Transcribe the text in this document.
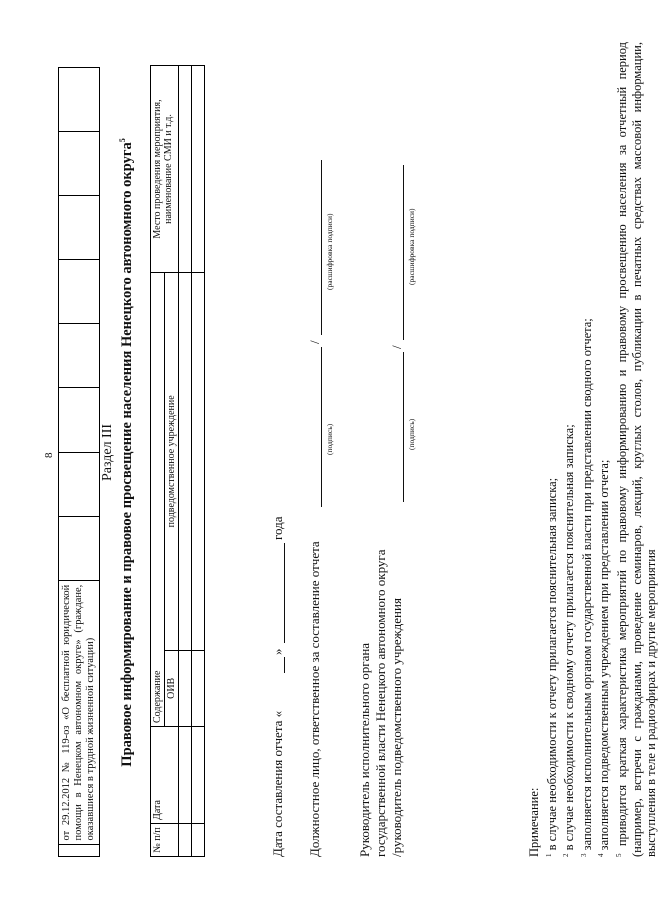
8
	от 29.12.2012 № 119-оз «О бесплатной юридической помощи в Ненецком автономном округе» (граждане, оказавшиеся в трудной жизненной ситуации)								
Раздел III Правовое информирование и правовое просвещение населения Ненецкого автономного округа$^5$
№ п/п	Дата	Содержание		Место проведения мероприятия, наименование СМИ и т.д.
		ОИВ	подведомственное учреждение	

Дата составления отчета «
»
года
Должностное лицо, ответственное за составление отчета
/
(подпись)
(расшифровка подписи)
Руководитель исполнительного органа государственной власти Ненецкого автономного округа /руководитель подведомственного учреждения
/
(подпись)
(расшифровка подписи)

Примечание: $^1$ в случае необходимости к отчету прилагается пояснительная записка;

$^2$ в случае необходимости к сводному отчету прилагается пояснительная записка;

$^3$ заполняется исполнительным органом государственной власти при представлении сводного отчета;

$^4$ заполняется подведомственным учреждением при представлении отчета;

$^5$ приводится краткая характеристика мероприятий по правовому информированию и правовому просвещению населения за отчетный период (например, встречи с гражданами, проведение семинаров, лекций, круглых столов, публикации в печатных средствах массовой информации, выступления в теле и радиоэфирах и другие мероприятия
